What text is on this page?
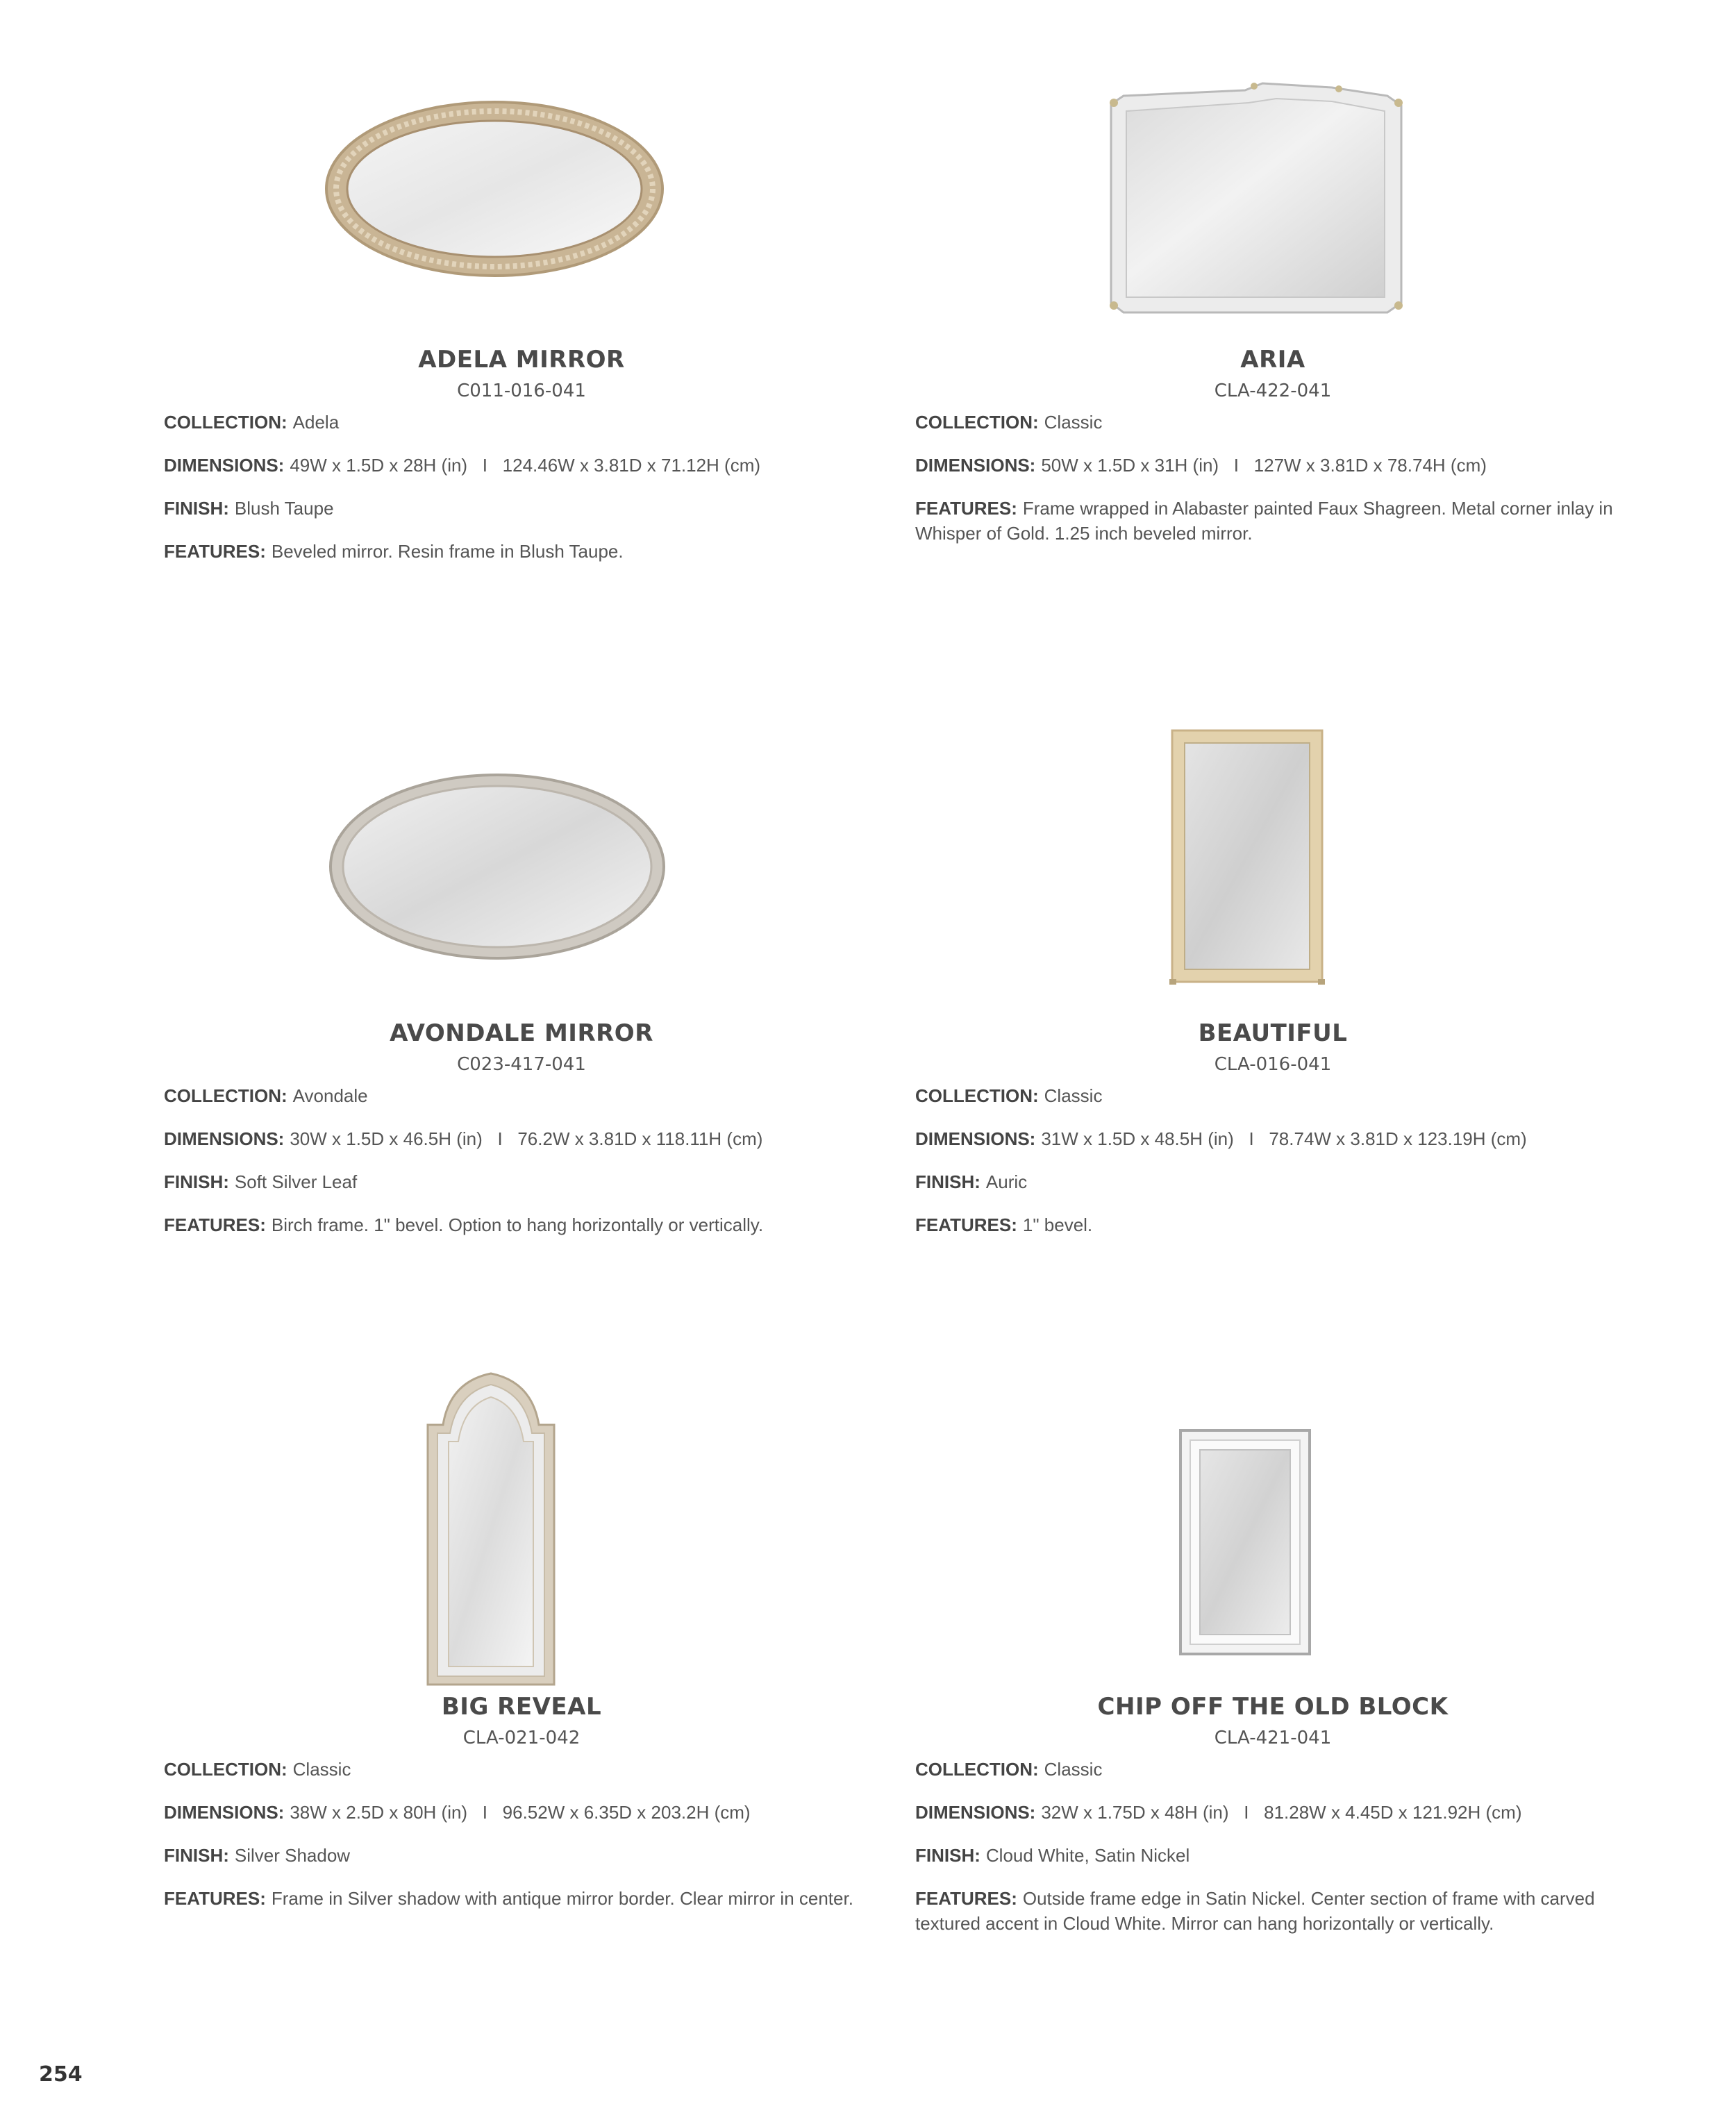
ADELA MIRROR
C011-016-041
COLLECTION: Adela
DIMENSIONS: 49W x 1.5D x 28H (in)   I   124.46W x 3.81D x 71.12H (cm)
FINISH: Blush Taupe
FEATURES: Beveled mirror. Resin frame in Blush Taupe.
ARIA
CLA-422-041
COLLECTION: Classic
DIMENSIONS: 50W x 1.5D x 31H (in)   I   127W x 3.81D x 78.74H (cm)
FEATURES: Frame wrapped in Alabaster painted Faux Shagreen. Metal corner inlay in Whisper of Gold. 1.25 inch beveled mirror.
AVONDALE MIRROR
C023-417-041
COLLECTION: Avondale
DIMENSIONS: 30W x 1.5D x 46.5H (in)   I   76.2W x 3.81D x 118.11H (cm)
FINISH: Soft Silver Leaf
FEATURES: Birch frame. 1" bevel. Option to hang horizontally or vertically.
BEAUTIFUL
CLA-016-041
COLLECTION: Classic
DIMENSIONS: 31W x 1.5D x 48.5H (in)   I   78.74W x 3.81D x 123.19H (cm)
FINISH: Auric
FEATURES: 1" bevel.
BIG REVEAL
CLA-021-042
COLLECTION: Classic
DIMENSIONS: 38W x 2.5D x 80H (in)   I   96.52W x 6.35D x 203.2H (cm)
FINISH: Silver Shadow
FEATURES: Frame in Silver shadow with antique mirror border. Clear mirror in center.
CHIP OFF THE OLD BLOCK
CLA-421-041
COLLECTION: Classic
DIMENSIONS: 32W x 1.75D x 48H (in)   I   81.28W x 4.45D x 121.92H (cm)
FINISH: Cloud White, Satin Nickel
FEATURES: Outside frame edge in Satin Nickel. Center section of frame with carved textured accent in Cloud White. Mirror can hang horizontally or vertically.
254
